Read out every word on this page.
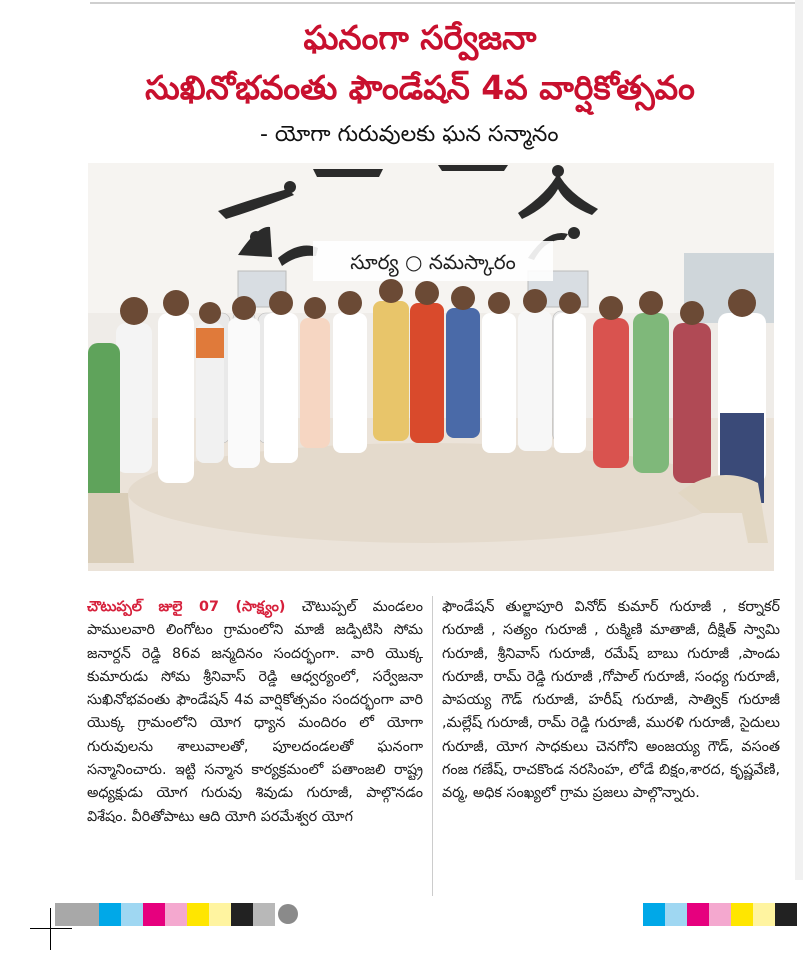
ఘనంగా సర్వేజనా
సుఖినోభవంతు ఫౌండేషన్ 4వ వార్షికోత్సవం
- యోగా గురువులకు ఘన సన్మానం
సూర్య ○ నమస్కారం

చౌటుప్పల్ జులై 07 (సాక్ష్యం) చౌటుప్పల్ మండలం పాములవారి లింగోటం గ్రామంలోని మాజీ జడ్పిటిసి సోమ జనార్దన్ రెడ్డి 86వ జన్మదినం సందర్భంగా. వారి యొక్క కుమారుడు సోమ శ్రీనివాస్ రెడ్డి ఆధ్వర్యంలో, సర్వేజనా సుఖినోభవంతు ఫౌండేషన్ 4వ వార్షికోత్సవం సందర్భంగా వారి యొక్క గ్రామంలోని యోగ ధ్యాన మందిరం లో యోగా గురువులను శాలువాలతో, పూలదండలతో ఘనంగా సన్మానించారు. ఇట్టి సన్మాన కార్యక్రమంలో పతాంజలి రాష్ట్ర అధ్యక్షుడు యోగ గురువు శివుడు గురూజీ, పాల్గొనడం విశేషం. వీరితోపాటు ఆది యోగి పరమేశ్వర యోగ

ఫౌండేషన్ తుల్జాపూరి వినోద్ కుమార్ గురూజీ , కర్నాకర్ గురూజీ , సత్యం గురూజీ , రుక్మిణి మాతాజీ, దీక్షిత్ స్వామి గురూజీ, శ్రీనివాస్ గురూజీ, రమేష్ బాబు గురూజీ ,పాండు గురూజీ, రామ్ రెడ్డి గురూజీ ,గోపాల్ గురూజీ, సంధ్య గురూజీ, పాపయ్య గౌడ్ గురూజీ, హరీష్ గురూజీ, సాత్విక్ గురూజీ ,మల్లేష్ గురూజీ, రామ్ రెడ్డి గురూజీ, మురళి గురూజీ, సైదులు గురూజీ, యోగ సాధకులు చెనగోని అంజయ్య గౌడ్, వసంత గంజ గణేష్, రాచకొండ నరసింహ, లోడే బిక్షం,శారద, కృష్ణవేణి, వర్మ, అధిక సంఖ్యలో గ్రామ ప్రజలు పాల్గొన్నారు.
